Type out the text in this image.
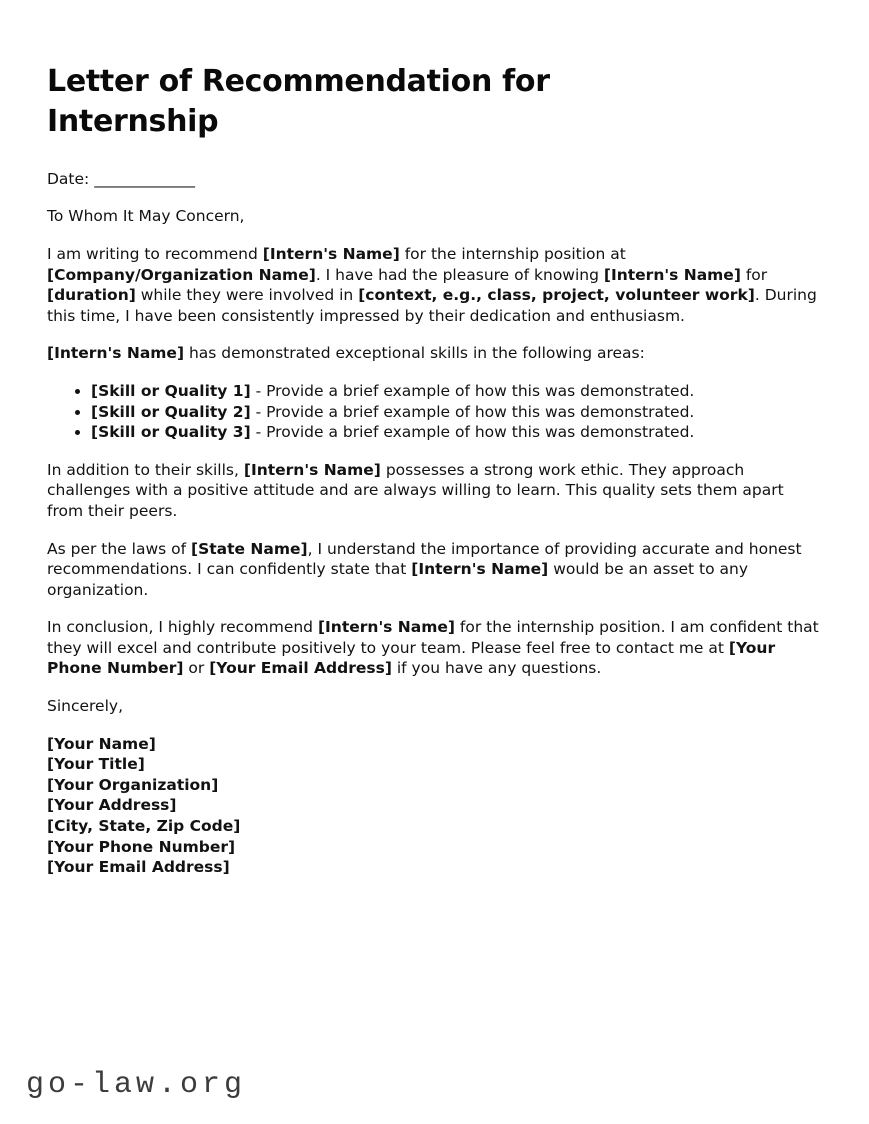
Letter of Recommendation for Internship
Date: _____________
To Whom It May Concern,

I am writing to recommend [Intern's Name] for the internship position at [Company/Organization Name]. I have had the pleasure of knowing [Intern's Name] for [duration] while they were involved in [context, e.g., class, project, volunteer work]. During this time, I have been consistently impressed by their dedication and enthusiasm.

[Intern's Name] has demonstrated exceptional skills in the following areas:

• [Skill or Quality 1] - Provide a brief example of how this was demonstrated.
• [Skill or Quality 2] - Provide a brief example of how this was demonstrated.
• [Skill or Quality 3] - Provide a brief example of how this was demonstrated.

In addition to their skills, [Intern's Name] possesses a strong work ethic. They approach challenges with a positive attitude and are always willing to learn. This quality sets them apart from their peers.

As per the laws of [State Name], I understand the importance of providing accurate and honest recommendations. I can confidently state that [Intern's Name] would be an asset to any organization.

In conclusion, I highly recommend [Intern's Name] for the internship position. I am confident that they will excel and contribute positively to your team. Please feel free to contact me at [Your Phone Number] or [Your Email Address] if you have any questions.

Sincerely,
[Your Name]
[Your Title]
[Your Organization]
[Your Address]
[City, State, Zip Code]
[Your Phone Number]
[Your Email Address]
go-law.org
